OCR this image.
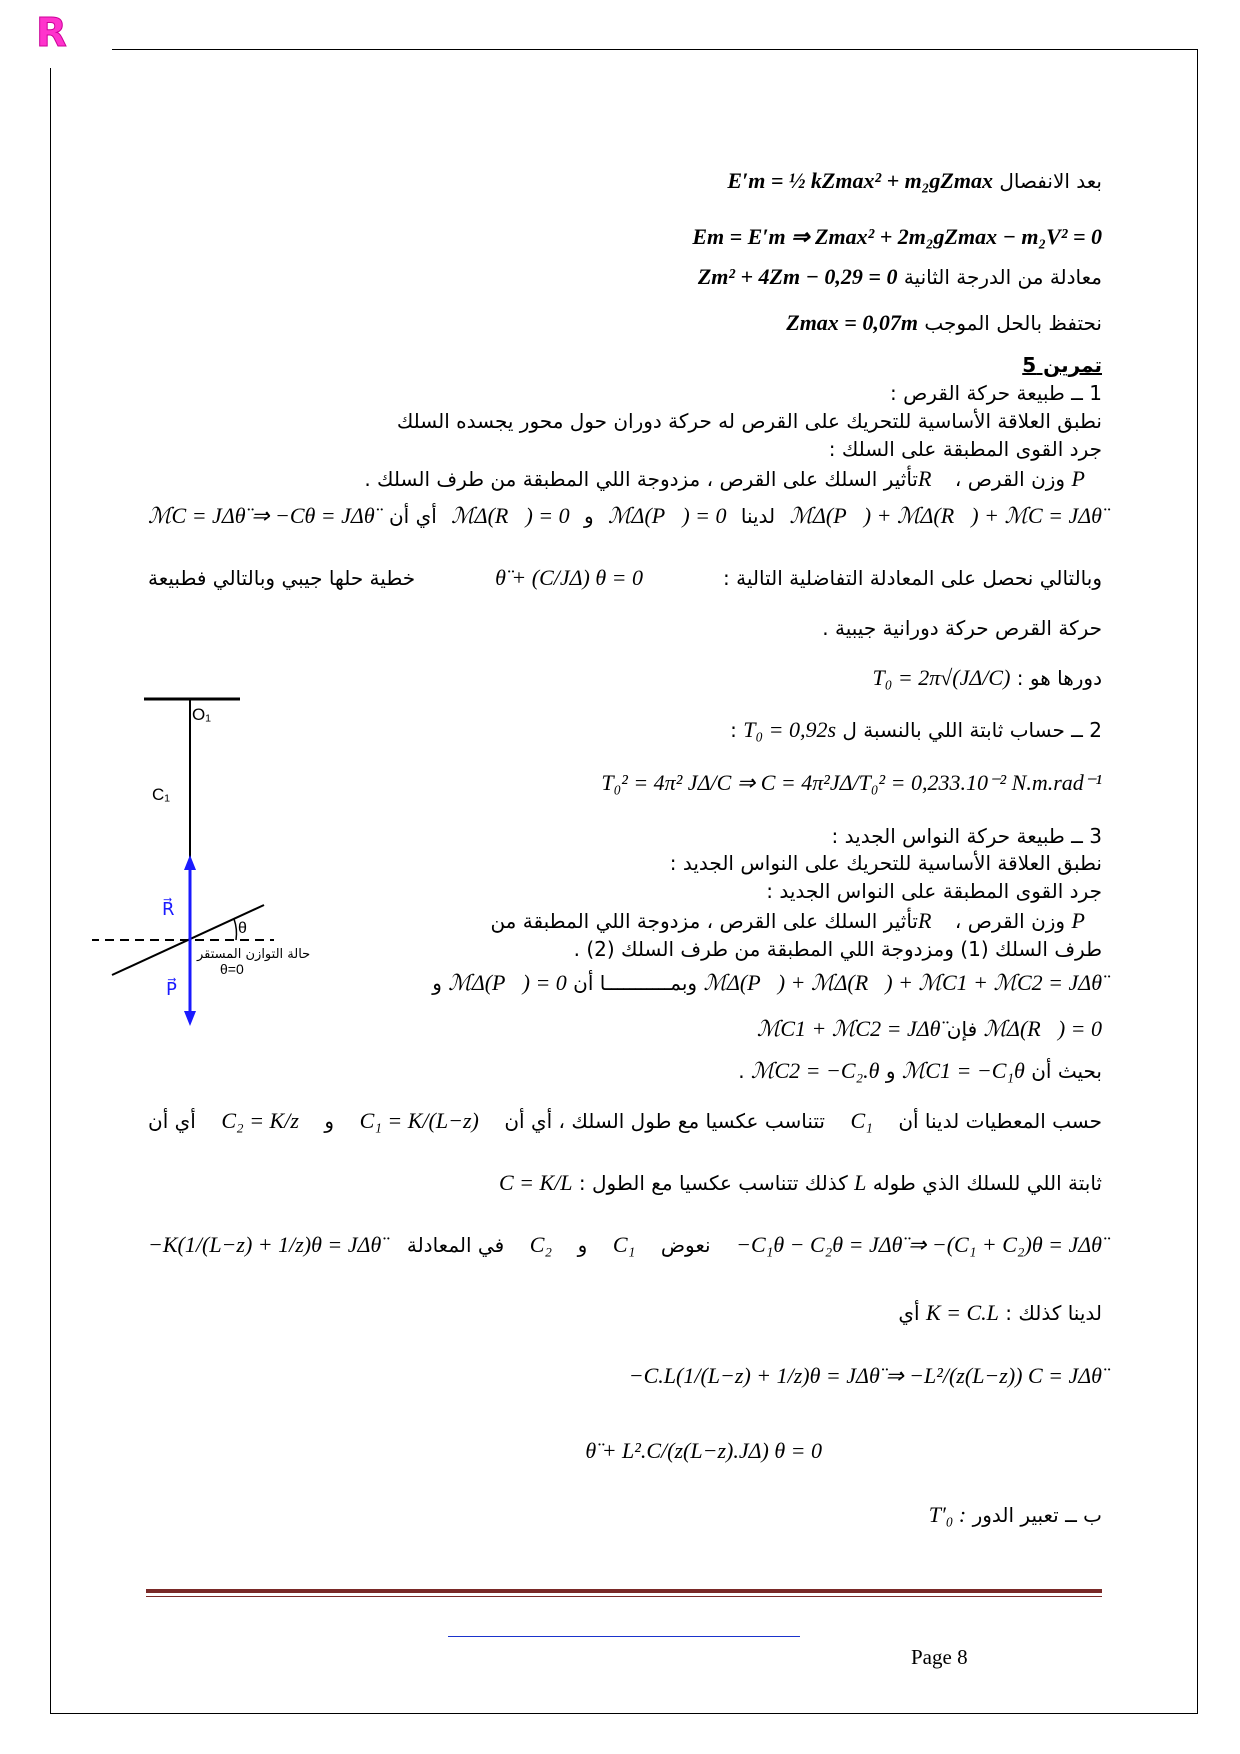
R
بعد الانفصال E′m = ½ kZmax² + m₂gZmax
Em = E′m ⇒ Zmax² + 2m₂gZmax − m₂V² = 0
معادلة من الدرجة الثانية Zm² + 4Zm − 0,29 = 0
نحتفظ بالحل الموجب Zmax = 0,07m
تمرين 5
1 ــ طبيعة حركة القرص :
نطبق العلاقة الأساسية للتحريك على القرص له حركة دوران حول محور يجسده السلك
جرد القوى المطبقة على السلك :
P⃗ وزن القرص ، R⃗تأثير السلك على القرص ، مزدوجة اللي المطبقة من طرف السلك .
ℳΔ(P⃗) + ℳΔ(R⃗) + ℳC = JΔθ̈
لدينا
ℳΔ(P⃗) = 0
و
ℳΔ(R⃗) = 0
أي أن
ℳC = JΔθ̈ ⇒ −Cθ = JΔθ̈
وبالتالي نحصل على المعادلة التفاضلية التالية :
θ̈ + (C/JΔ) θ = 0
خطية حلها جيبي وبالتالي فطبيعة
حركة القرص حركة دورانية جيبية .
دورها هو : T₀ = 2π√(JΔ/C)
2 ــ حساب ثابتة اللي بالنسبة ل T₀ = 0,92s :
T₀² = 4π² JΔ/C ⇒ C = 4π²JΔ/T₀² = 0,233.10⁻² N.m.rad⁻¹
3 ــ طبيعة حركة النواس الجديد :
نطبق العلاقة الأساسية للتحريك على النواس الجديد :
جرد القوى المطبقة على النواس الجديد :
P⃗ وزن القرص ، R⃗تأثير السلك على القرص ، مزدوجة اللي المطبقة من
طرف السلك (1) ومزدوجة اللي المطبقة من طرف السلك (2) .
ℳΔ(P⃗) + ℳΔ(R⃗) + ℳC1 + ℳC2 = JΔθ̈ وبمـــــــــــا أن ℳΔ(P⃗) = 0 و
ℳΔ(R⃗) = 0 فإن ℳC1 + ℳC2 = JΔθ̈
بحيث أن ℳC1 = −C₁θ و ℳC2 = −C₂.θ .
حسب المعطيات لدينا أن
C₁
تتناسب عكسيا مع طول السلك ، أي أن
C₁ = K/(L−z)
و
C₂ = K/z
أي أن
ثابتة اللي للسلك الذي طوله L كذلك تتناسب عكسيا مع الطول : C = K/L
−C₁θ − C₂θ = JΔθ̈ ⇒ −(C₁ + C₂)θ = JΔθ̈
نعوض
C₁
و
C₂
في المعادلة
−K(1/(L−z) + 1/z)θ = JΔθ̈
لدينا كذلك : K = C.L أي
−C.L(1/(L−z) + 1/z)θ = JΔθ̈ ⇒ −L²/(z(L−z)) C = JΔθ̈
θ̈ + L².C/(z(L−z).JΔ) θ = 0
ب ــ تعبير الدور T′₀ :
O₁
C₁
R⃗
P⃗
θ
حالة التوازن المستقر
θ=0
Page 8
